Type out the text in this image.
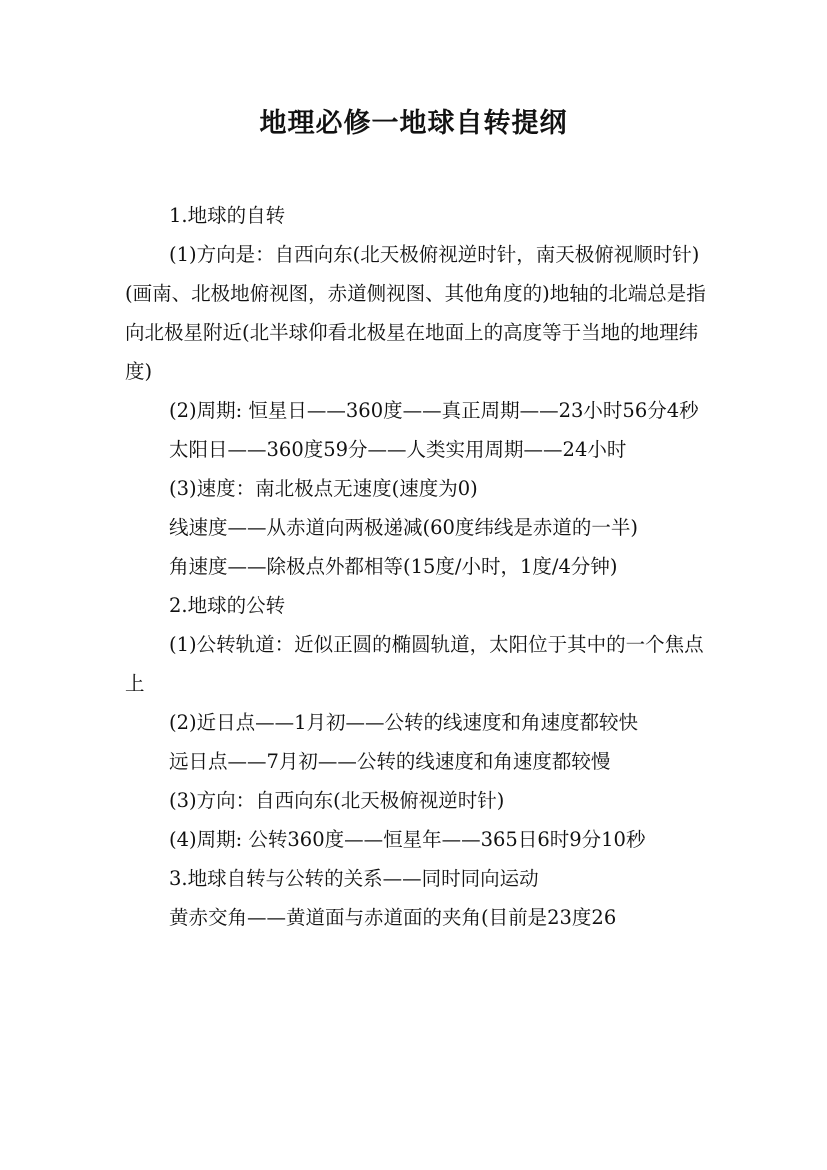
地理必修一地球自转提纲

1.地球的自转

(1)方向是：自西向东(北天极俯视逆时针，南天极俯视顺时针)(画南、北极地俯视图，赤道侧视图、其他角度的)地轴的北端总是指向北极星附近(北半球仰看北极星在地面上的高度等于当地的地理纬度)

(2)周期: 恒星日——360度——真正周期——23小时56分4秒

太阳日——360度59分——人类实用周期——24小时

(3)速度：南北极点无速度(速度为0)

线速度——从赤道向两极递减(60度纬线是赤道的一半)

角速度——除极点外都相等(15度/小时，1度/4分钟)

2.地球的公转

(1)公转轨道：近似正圆的椭圆轨道，太阳位于其中的一个焦点上

(2)近日点——1月初——公转的线速度和角速度都较快

远日点——7月初——公转的线速度和角速度都较慢

(3)方向：自西向东(北天极俯视逆时针)

(4)周期: 公转360度——恒星年——365日6时9分10秒

3.地球自转与公转的关系——同时同向运动

黄赤交角——黄道面与赤道面的夹角(目前是23度26
